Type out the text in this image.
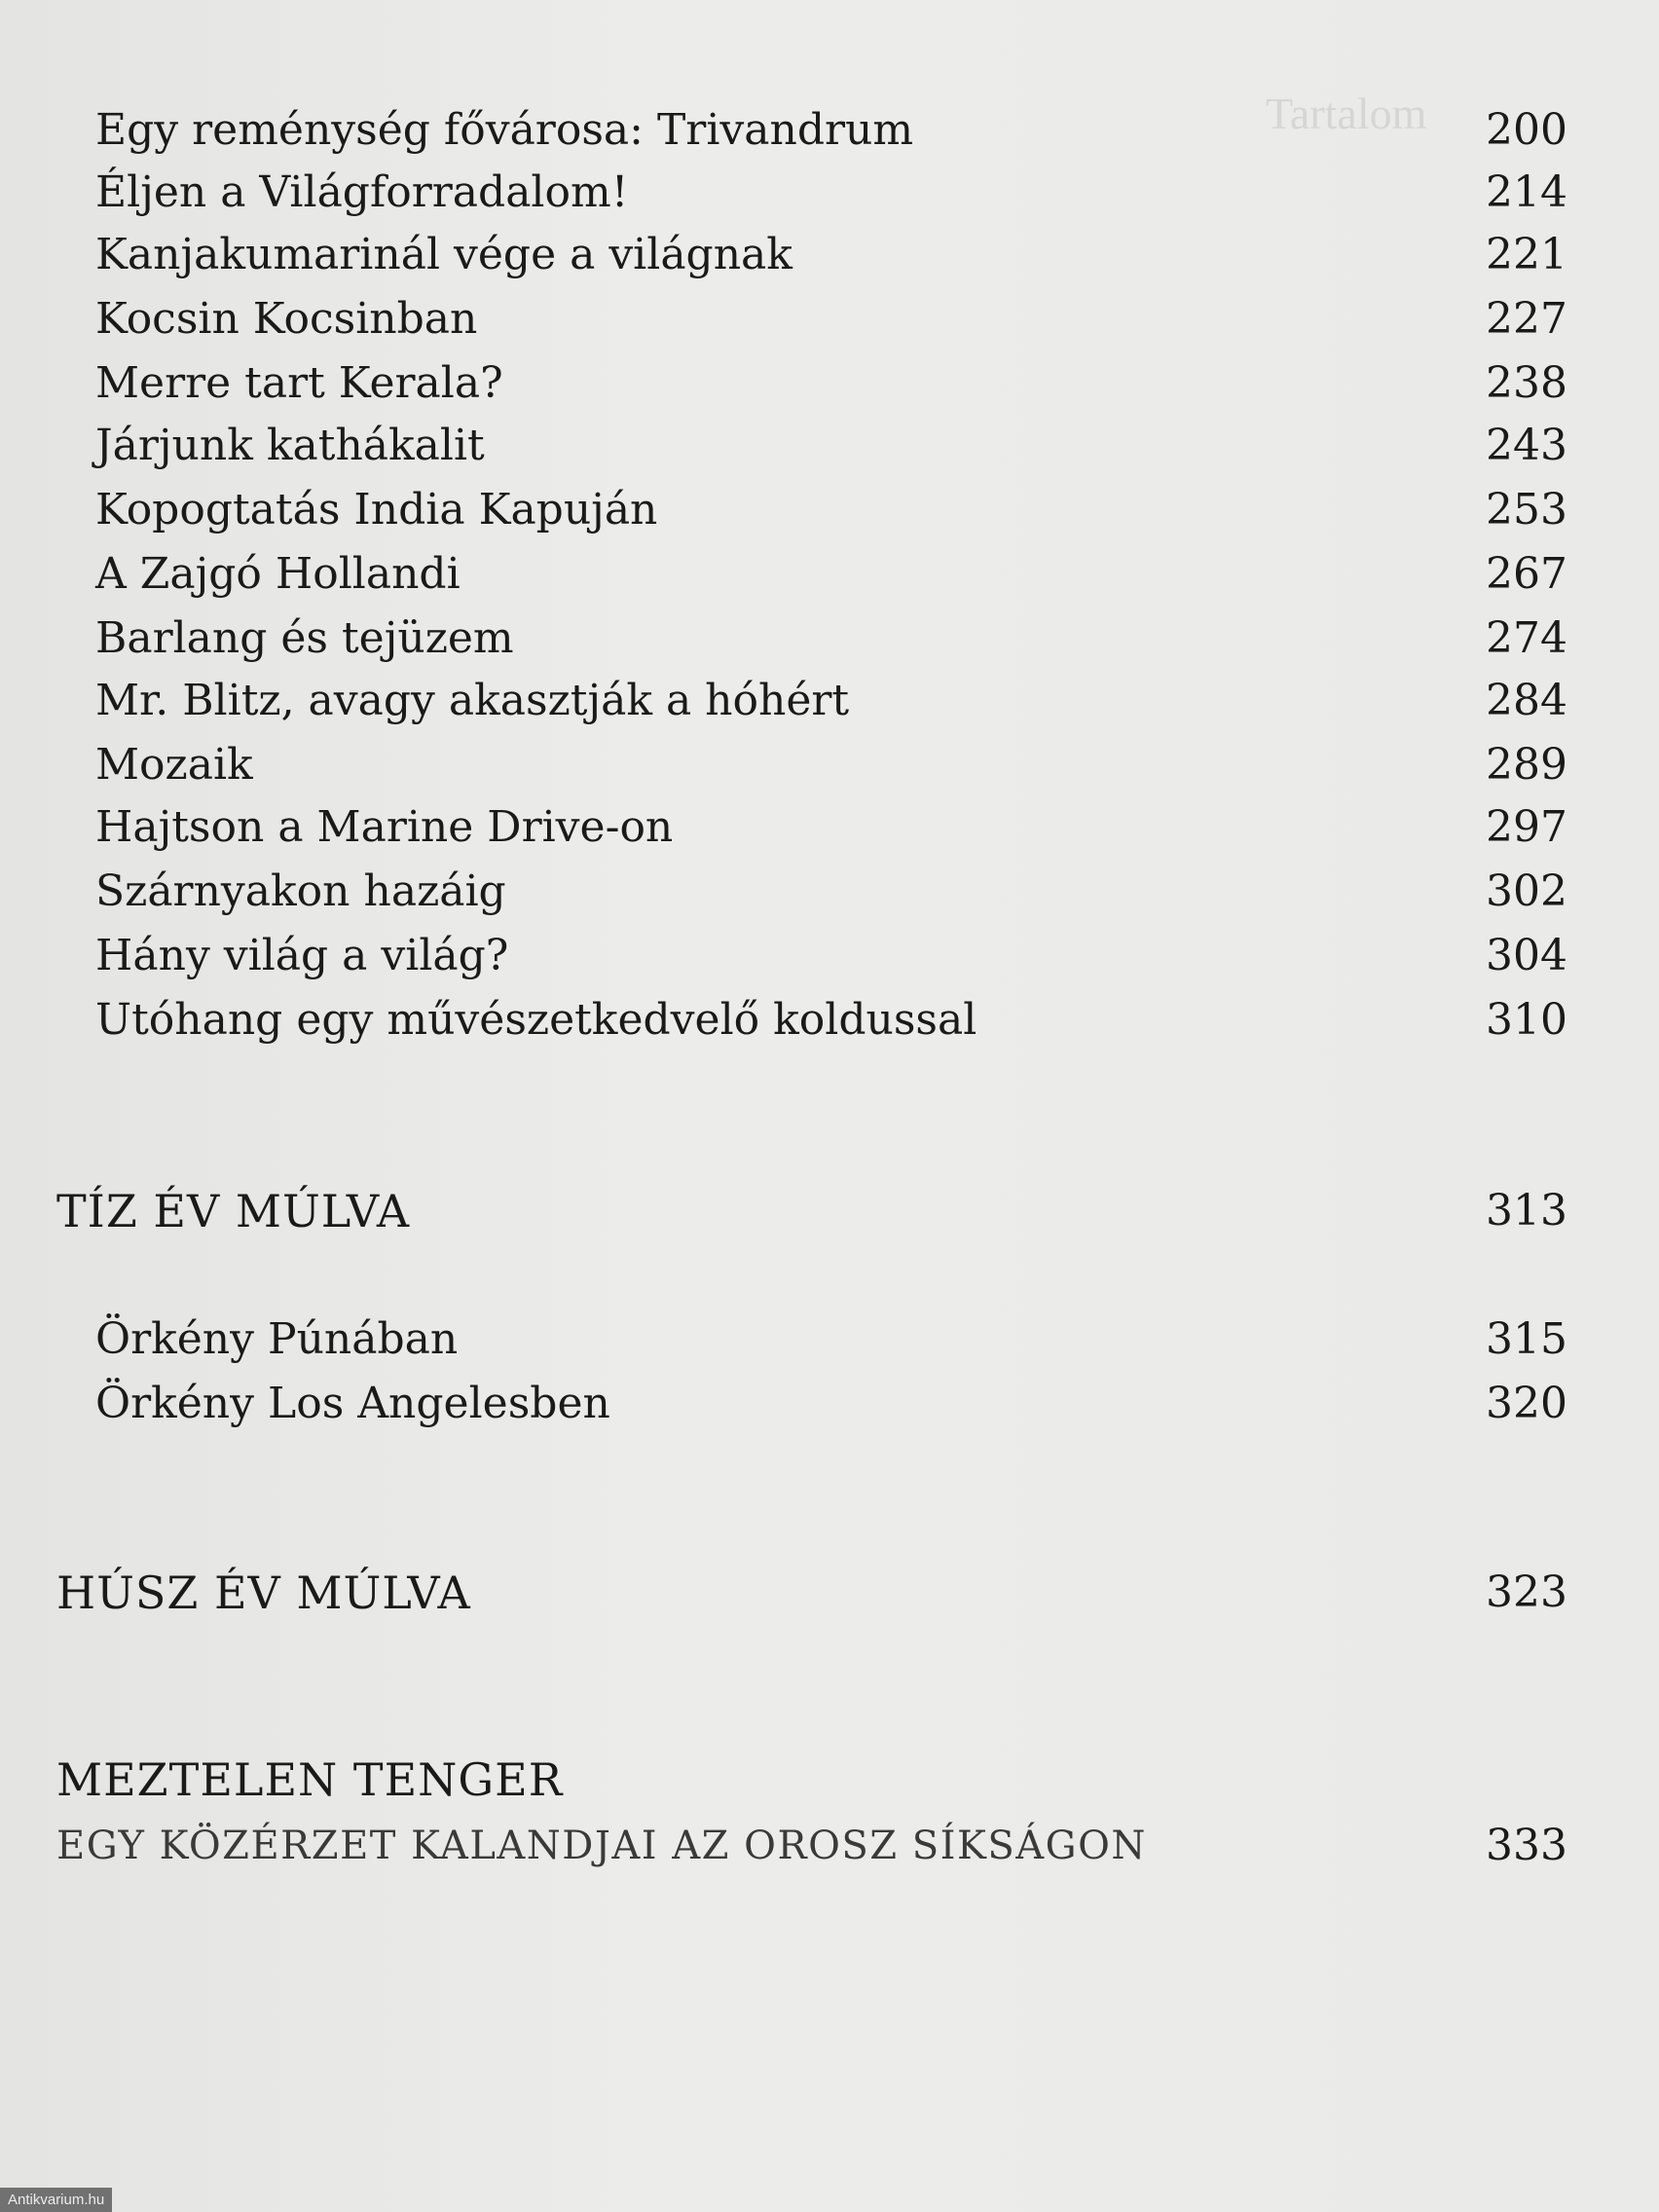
Tartalom
Egy reménység fővárosa: Trivandrum	200
Éljen a Világforradalom!	214
Kanjakumarinál vége a világnak	221
Kocsin Kocsinban	227
Merre tart Kerala?	238
Járjunk kathákalit	243
Kopogtatás India Kapuján	253
A Zajgó Hollandi	267
Barlang és tejüzem	274
Mr. Blitz, avagy akasztják a hóhért	284
Mozaik	289
Hajtson a Marine Drive-on	297
Szárnyakon hazáig	302
Hány világ a világ?	304
Utóhang egy művészetkedvelő koldussal	310
TÍZ ÉV MÚLVA	313
Örkény Púnában	315
Örkény Los Angelesben	320
HÚSZ ÉV MÚLVA	323
MEZTELEN TENGER
EGY KÖZÉRZET KALANDJAI AZ OROSZ SÍKSÁGON	333
Antikvarium.hu
